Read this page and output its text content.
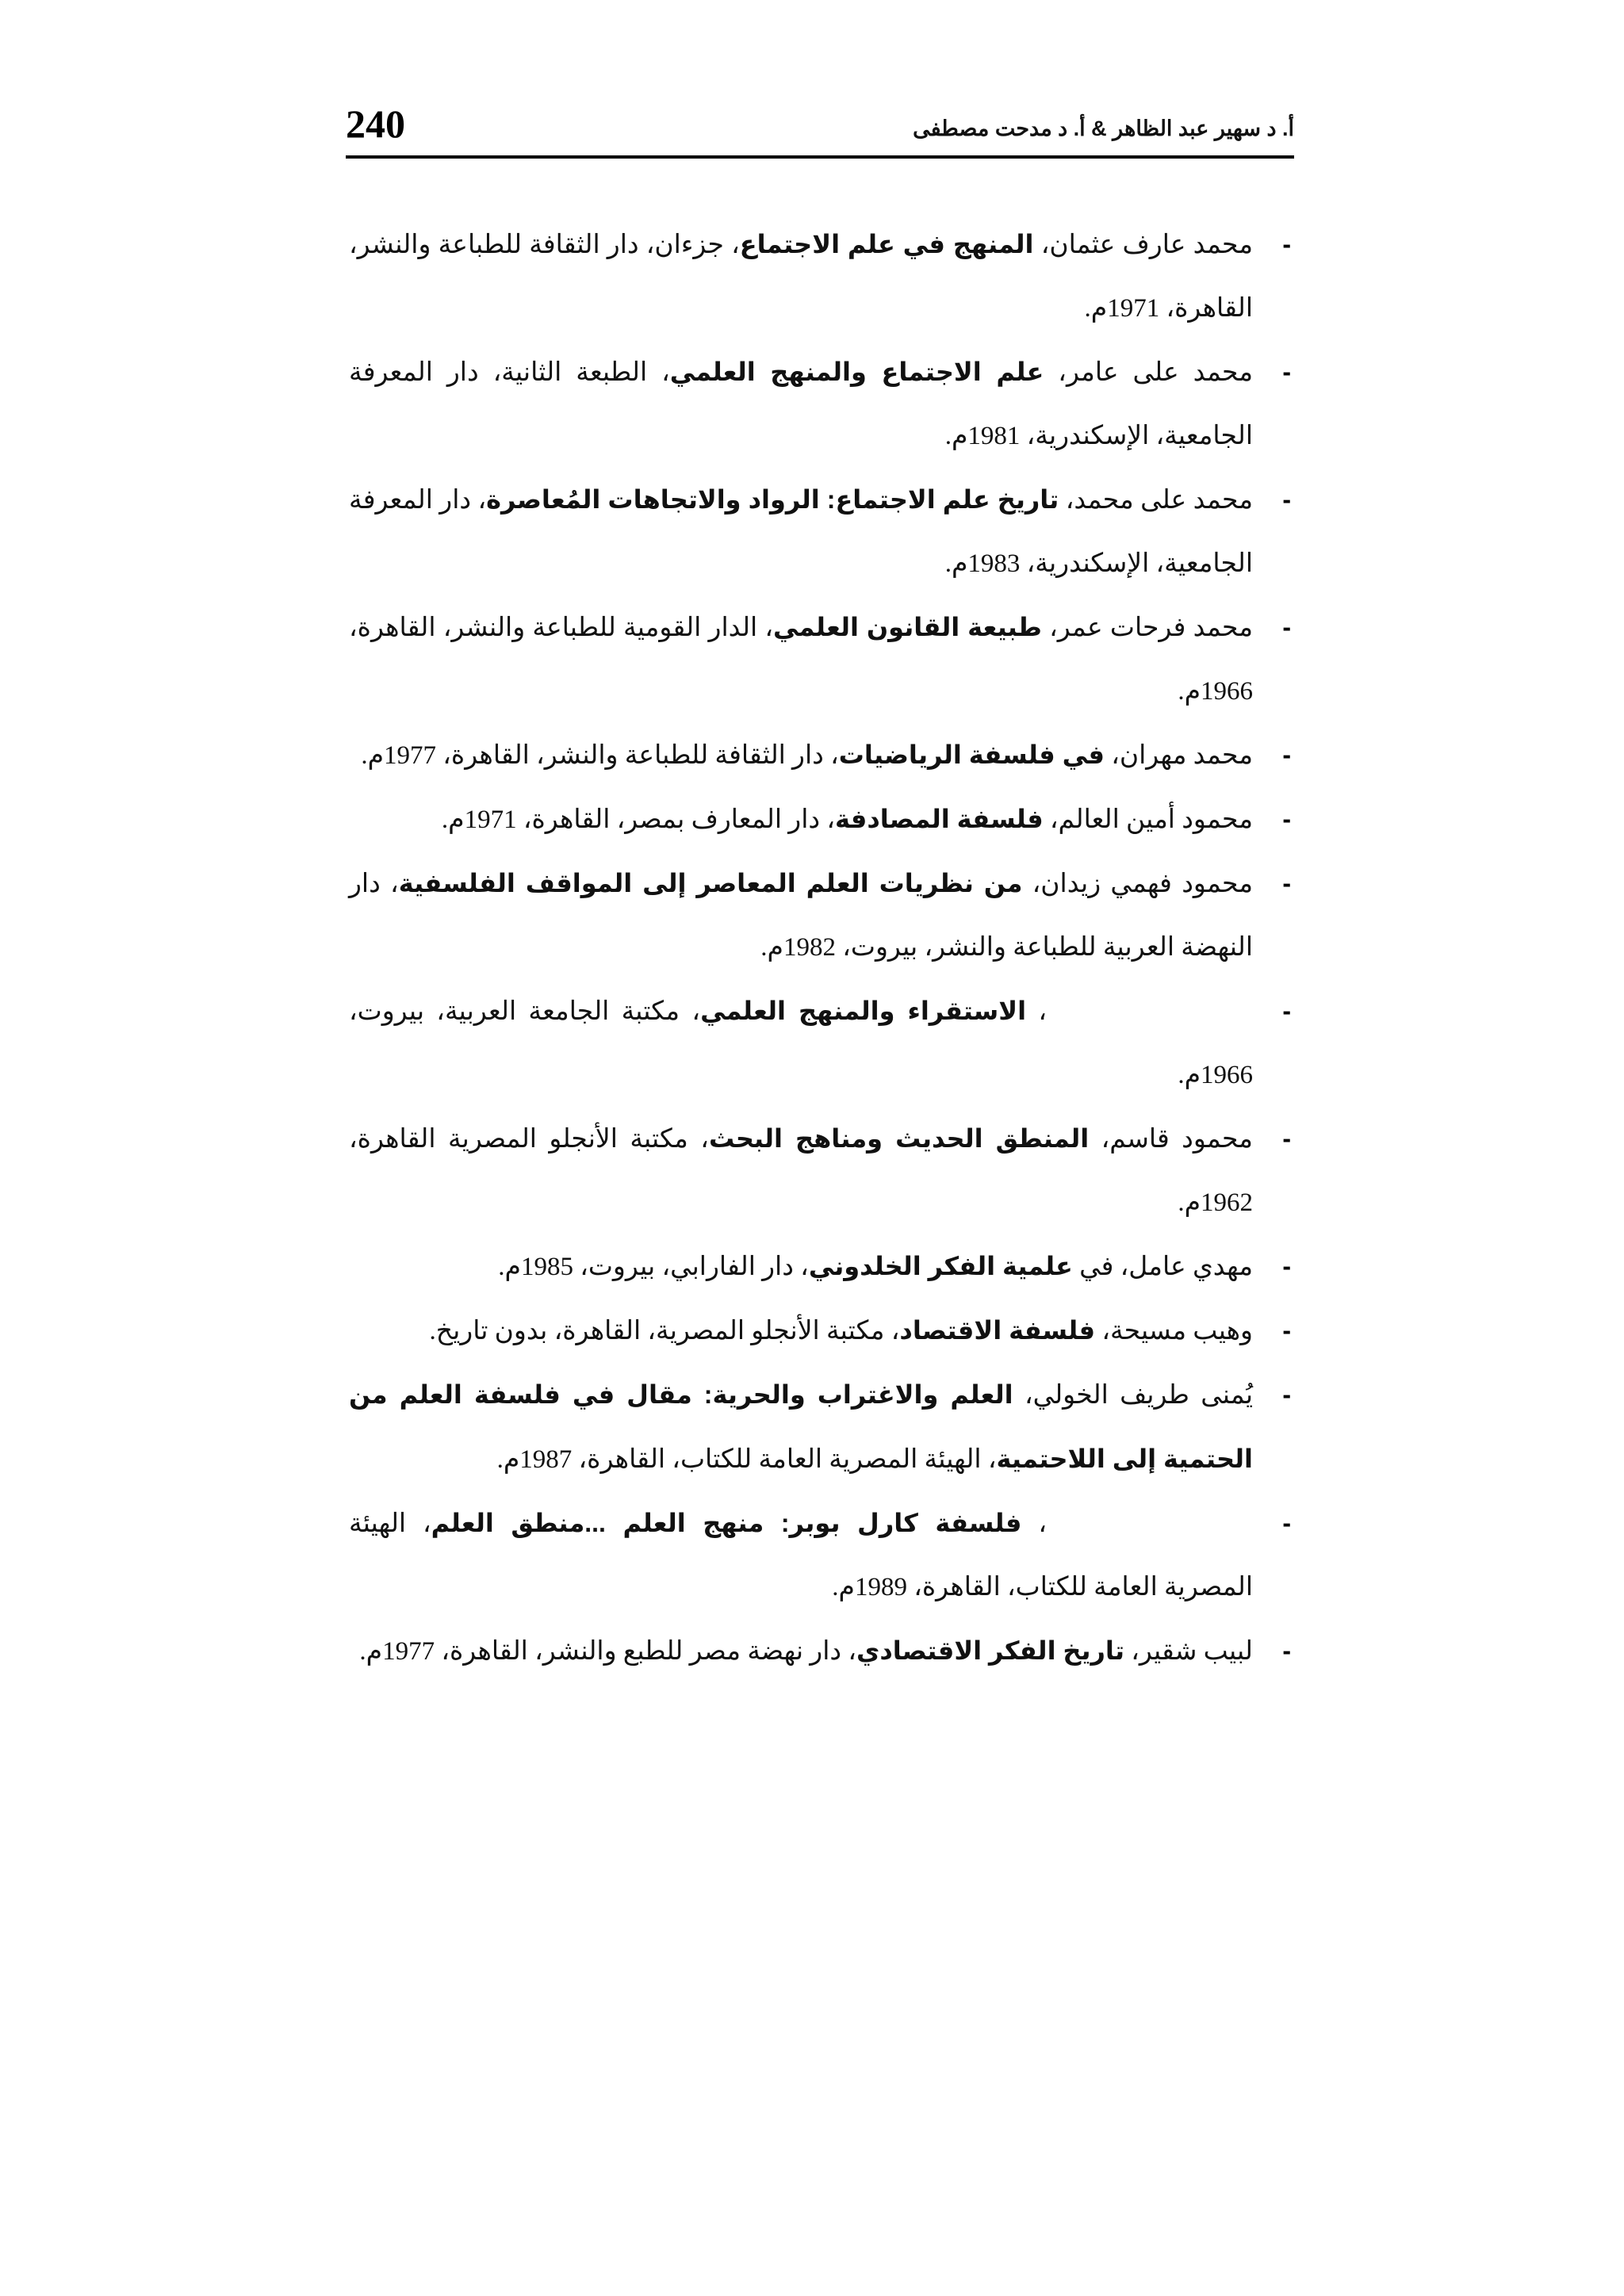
240	أ. د سهير عبد الظاهر & أ. د مدحت مصطفى

-
محمد عارف عثمان، المنهج في علم الاجتماع، جزءان، دار الثقافة للطباعة والنشر، القاهرة، 1971م.

-
محمد على عامر، علم الاجتماع والمنهج العلمي، الطبعة الثانية، دار المعرفة الجامعية، الإسكندرية، 1981م.

-
محمد على محمد، تاريخ علم الاجتماع: الرواد والاتجاهات المُعاصرة، دار المعرفة الجامعية، الإسكندرية، 1983م.

-
محمد فرحات عمر، طبيعة القانون العلمي، الدار القومية للطباعة والنشر، القاهرة، 1966م.

-
محمد مهران، في فلسفة الرياضيات، دار الثقافة للطباعة والنشر، القاهرة، 1977م.

-
محمود أمين العالم، فلسفة المصادفة، دار المعارف بمصر، القاهرة، 1971م.

-
محمود فهمي زيدان، من نظريات العلم المعاصر إلى المواقف الفلسفية، دار النهضة العربية للطباعة والنشر، بيروت، 1982م.

-
، الاستقراء والمنهج العلمي، مكتبة الجامعة العربية، بيروت، 1966م.

-
محمود قاسم، المنطق الحديث ومناهج البحث، مكتبة الأنجلو المصرية القاهرة، 1962م.

-
مهدي عامل، في علمية الفكر الخلدوني، دار الفارابي، بيروت، 1985م.

-
وهيب مسيحة، فلسفة الاقتصاد، مكتبة الأنجلو المصرية، القاهرة، بدون تاريخ.

-
يُمنى طريف الخولي، العلم والاغتراب والحرية: مقال في فلسفة العلم من الحتمية إلى اللاحتمية، الهيئة المصرية العامة للكتاب، القاهرة، 1987م.

-
، فلسفة كارل بوبر: منهج العلم ...منطق العلم، الهيئة المصرية العامة للكتاب، القاهرة، 1989م.

-
لبيب شقير، تاريخ الفكر الاقتصادي، دار نهضة مصر للطبع والنشر، القاهرة، 1977م.
